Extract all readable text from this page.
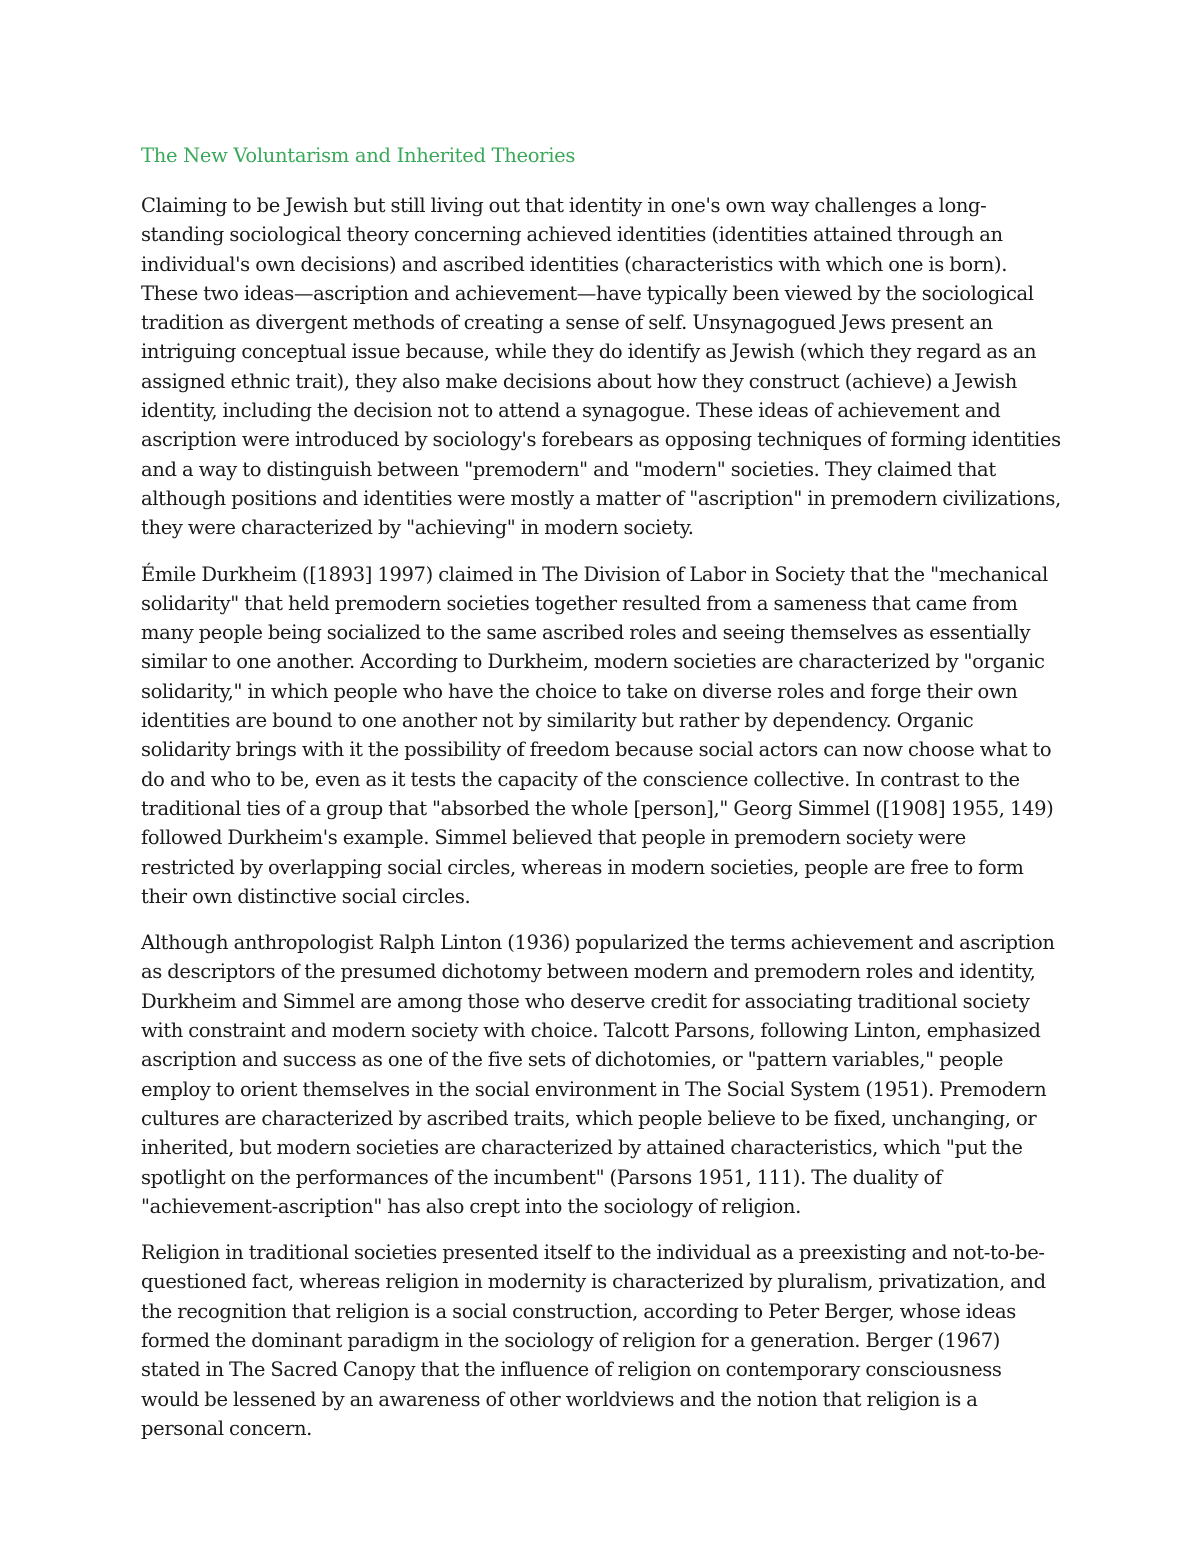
The New Voluntarism and Inherited Theories

Claiming to be Jewish but still living out that identity in one's own way challenges a long-standing sociological theory concerning achieved identities (identities attained through an individual's own decisions) and ascribed identities (characteristics with which one is born). These two ideas—ascription and achievement—have typically been viewed by the sociological tradition as divergent methods of creating a sense of self. Unsynagogued Jews present an intriguing conceptual issue because, while they do identify as Jewish (which they regard as an assigned ethnic trait), they also make decisions about how they construct (achieve) a Jewish identity, including the decision not to attend a synagogue. These ideas of achievement and ascription were introduced by sociology's forebears as opposing techniques of forming identities and a way to distinguish between "premodern" and "modern" societies. They claimed that although positions and identities were mostly a matter of "ascription" in premodern civilizations, they were characterized by "achieving" in modern society.

Émile Durkheim ([1893] 1997) claimed in The Division of Labor in Society that the "mechanical solidarity" that held premodern societies together resulted from a sameness that came from many people being socialized to the same ascribed roles and seeing themselves as essentially similar to one another. According to Durkheim, modern societies are characterized by "organic solidarity," in which people who have the choice to take on diverse roles and forge their own identities are bound to one another not by similarity but rather by dependency. Organic solidarity brings with it the possibility of freedom because social actors can now choose what to do and who to be, even as it tests the capacity of the conscience collective. In contrast to the traditional ties of a group that "absorbed the whole [person]," Georg Simmel ([1908] 1955, 149) followed Durkheim's example. Simmel believed that people in premodern society were restricted by overlapping social circles, whereas in modern societies, people are free to form their own distinctive social circles.

Although anthropologist Ralph Linton (1936) popularized the terms achievement and ascription as descriptors of the presumed dichotomy between modern and premodern roles and identity, Durkheim and Simmel are among those who deserve credit for associating traditional society with constraint and modern society with choice. Talcott Parsons, following Linton, emphasized ascription and success as one of the five sets of dichotomies, or "pattern variables," people employ to orient themselves in the social environment in The Social System (1951). Premodern cultures are characterized by ascribed traits, which people believe to be fixed, unchanging, or inherited, but modern societies are characterized by attained characteristics, which "put the spotlight on the performances of the incumbent" (Parsons 1951, 111). The duality of "achievement-ascription" has also crept into the sociology of religion.

Religion in traditional societies presented itself to the individual as a preexisting and not-to-be-questioned fact, whereas religion in modernity is characterized by pluralism, privatization, and the recognition that religion is a social construction, according to Peter Berger, whose ideas formed the dominant paradigm in the sociology of religion for a generation. Berger (1967) stated in The Sacred Canopy that the influence of religion on contemporary consciousness would be lessened by an awareness of other worldviews and the notion that religion is a personal concern.
